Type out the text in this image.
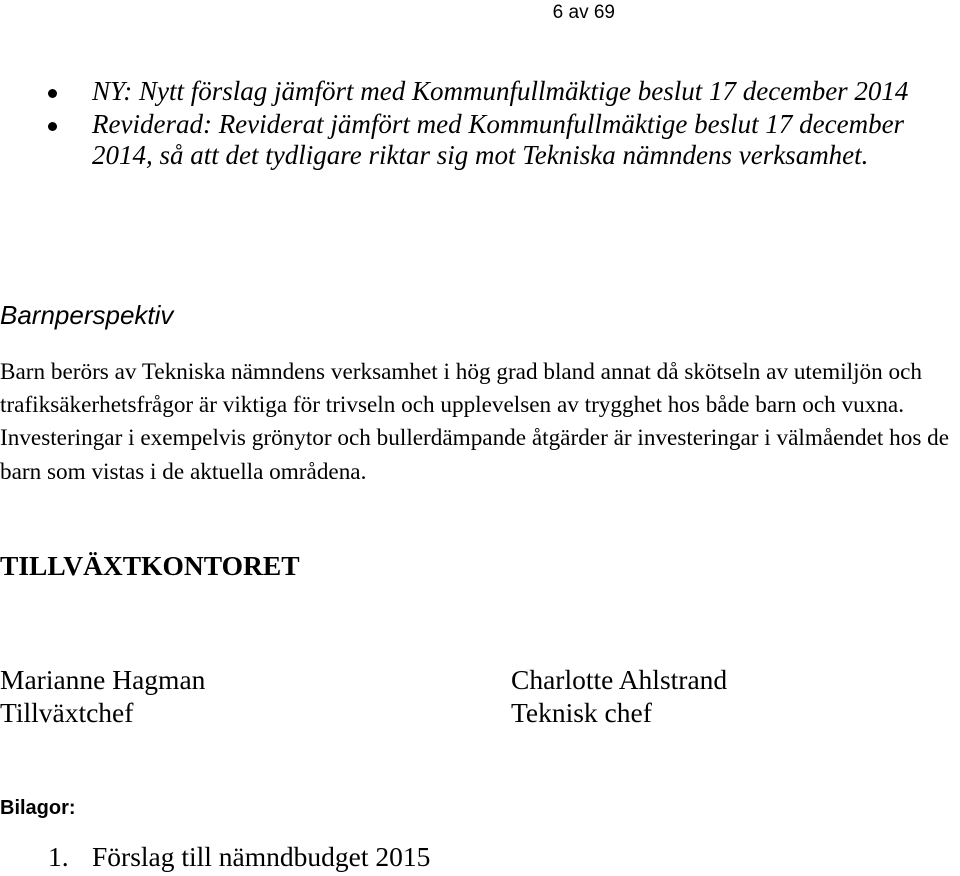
6 av 69
NY: Nytt förslag jämfört med Kommunfullmäktige beslut 17 december 2014
Reviderad: Reviderat jämfört med Kommunfullmäktige beslut 17 december 2014, så att det tydligare riktar sig mot Tekniska nämndens verksamhet.
Barnperspektiv

Barn berörs av Tekniska nämndens verksamhet i hög grad bland annat då skötseln av utemiljön och trafiksäkerhetsfrågor är viktiga för trivseln och upplevelsen av trygghet hos både barn och vuxna. Investeringar i exempelvis grönytor och bullerdämpande åtgärder är investeringar i välmåendet hos de barn som vistas i de aktuella områdena.

TILLVÄXTKONTORET
Marianne Hagman
Tillväxtchef
Charlotte Ahlstrand
Teknisk chef
Bilagor:
1. Förslag till nämndbudget 2015
